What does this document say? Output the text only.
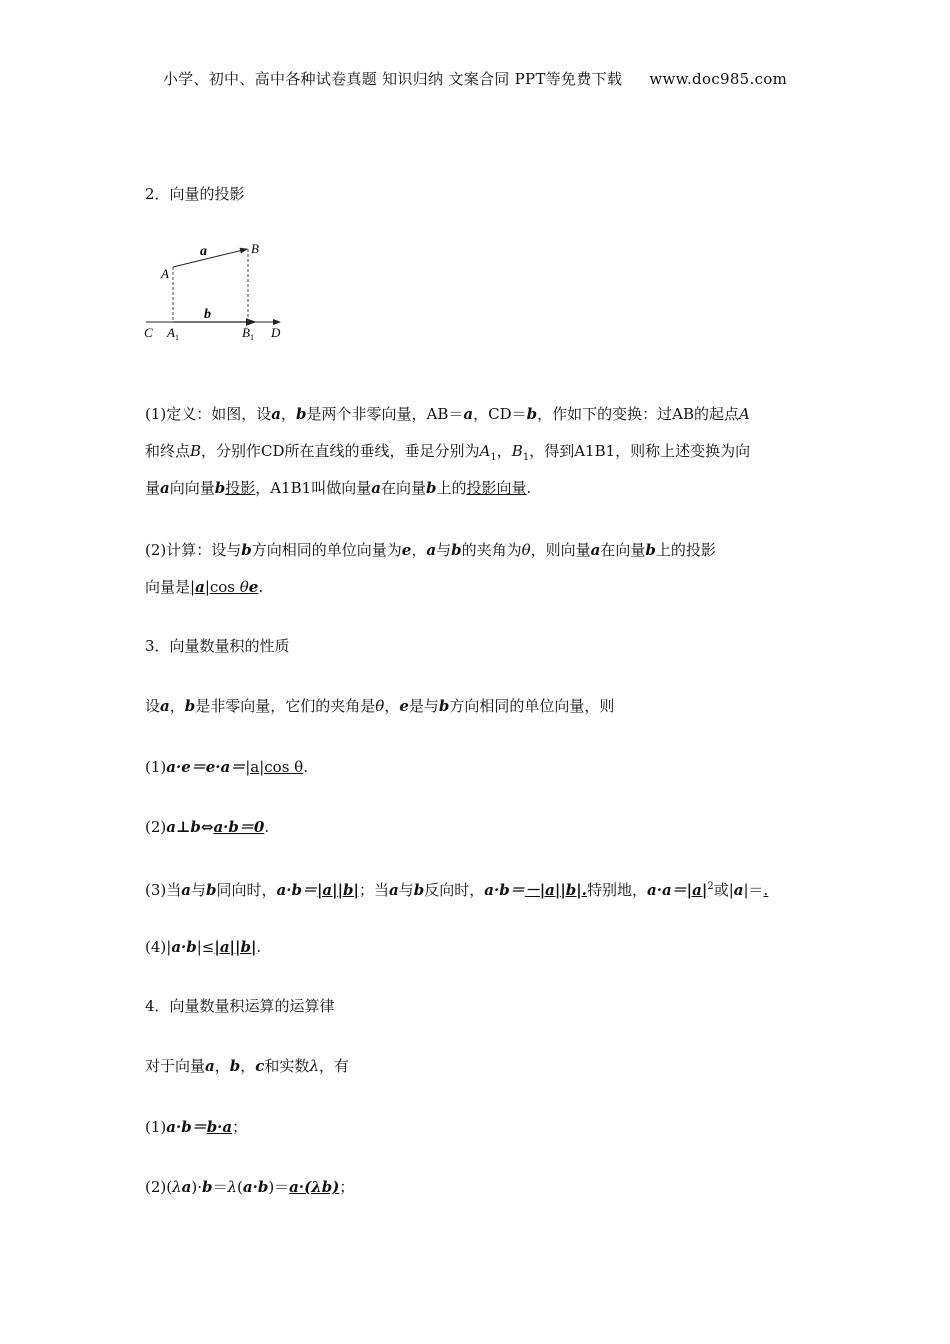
小学、初中、高中各种试卷真题 知识归纳 文案合同 PPT等免费下载 www.doc985.com
2．向量的投影
a	B
A
b
C $A_1$	$B_1$ D
(1)定义：如图，设a，b是两个非零向量，AB＝a，CD＝b，作如下的变换：过AB的起点A
和终点B，分别作CD所在直线的垂线，垂足分别为$A_1$，$B_1$，得到A1B1，则称上述变换为向
量a向向量b投影，A1B1叫做向量a在向量b上的投影向量.
(2)计算：设与b方向相同的单位向量为e，a与b的夹角为θ，则向量a在向量b上的投影
向量是|a|cos θe.
3．向量数量积的性质
设a，b是非零向量，它们的夹角是θ，e是与b方向相同的单位向量，则
(1)a·e＝e·a＝|a|cos θ.
(2)a⊥b⇔a·b＝0.
(3)当a与b同向时，a·b＝|a||b|；当a与b反向时，a·b＝－|a||b|.特别地，$a\cdot a=|a|^2$或|a|＝.
(4)|a·b|≤|a||b|.
4．向量数量积运算的运算律
对于向量a，b，c和实数λ，有
(1)a·b＝b·a；
(2)(λa)·b＝λ(a·b)＝a·(λb)；
